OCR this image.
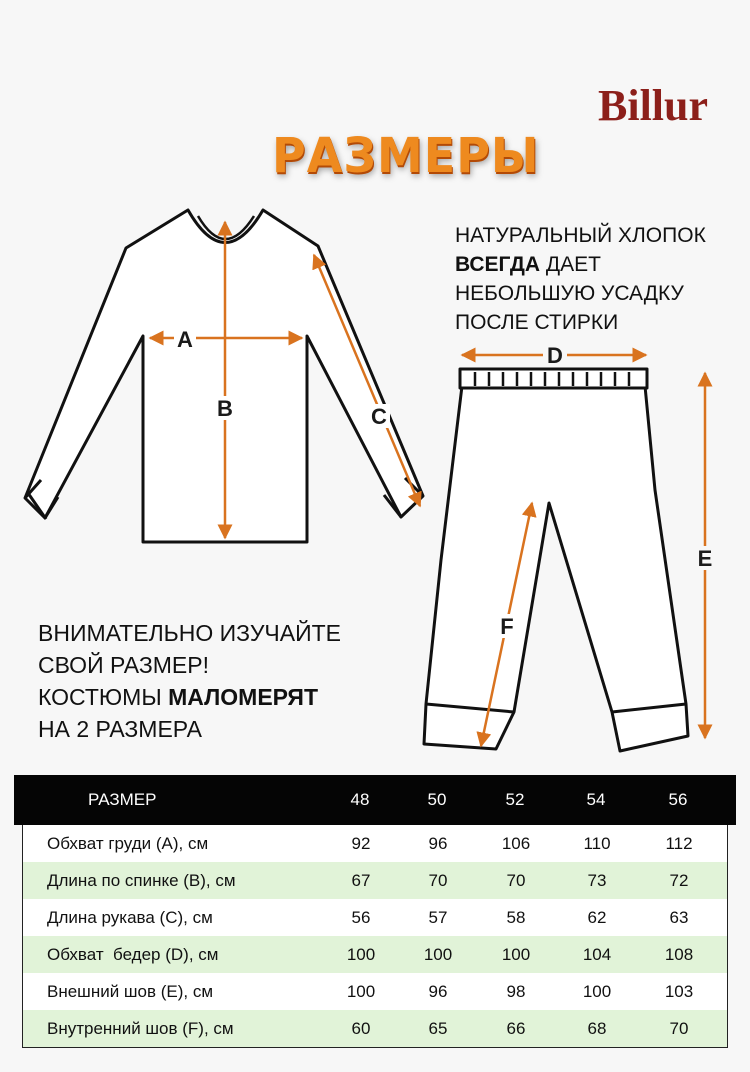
Billur
РАЗМЕРЫ
НАТУРАЛЬНЫЙ ХЛОПОК
ВСЕГДА ДАЕТ
НЕБОЛЬШУЮ УСАДКУ
ПОСЛЕ СТИРКИ
A
B	C
D
E
F
ВНИМАТЕЛЬНО ИЗУЧАЙТЕ
СВОЙ РАЗМЕР!
КОСТЮМЫ МАЛОМЕРЯТ
НА 2 РАЗМЕРА
РАЗМЕР	48	50	52	54	56
Обхват груди (A), см	92	96	106	110	112
Длина по спинке (B), см	67	70	70	73	72
Длина рукава (C), см	56	57	58	62	63
Обхват  бедер (D), см	100	100	100	104	108
Внешний шов (E), см	100	96	98	100	103
Внутренний шов (F), см	60	65	66	68	70
